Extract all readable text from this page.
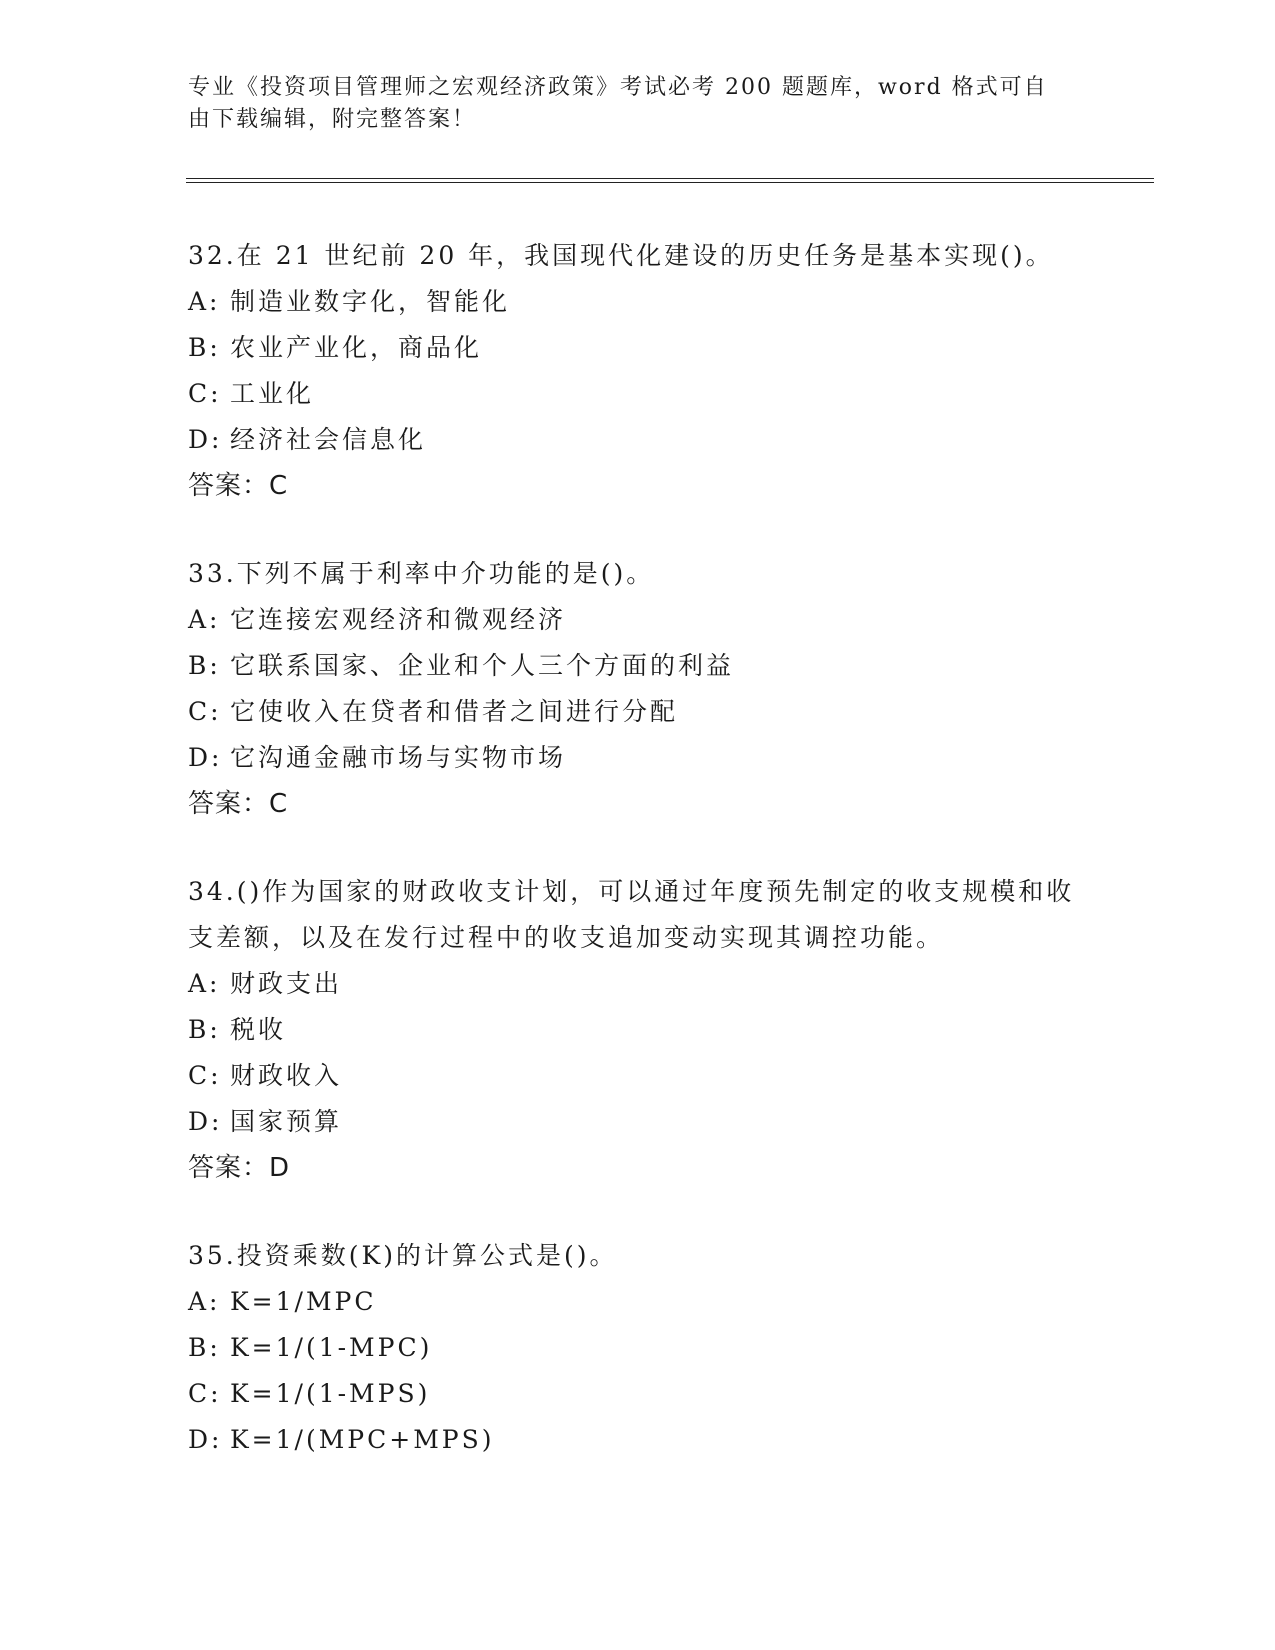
专业《投资项目管理师之宏观经济政策》考试必考 200 题题库，word 格式可自由下载编辑，附完整答案！
32.在 21 世纪前 20 年，我国现代化建设的历史任务是基本实现()。
A: 制造业数字化，智能化
B: 农业产业化，商品化
C: 工业化
D: 经济社会信息化
答案：C
33.下列不属于利率中介功能的是()。
A: 它连接宏观经济和微观经济
B: 它联系国家、企业和个人三个方面的利益
C: 它使收入在贷者和借者之间进行分配
D: 它沟通金融市场与实物市场
答案：C
34.()作为国家的财政收支计划，可以通过年度预先制定的收支规模和收支差额，以及在发行过程中的收支追加变动实现其调控功能。
A: 财政支出
B: 税收
C: 财政收入
D: 国家预算
答案：D
35.投资乘数(K)的计算公式是()。
A: K=1/MPC
B: K=1/(1-MPC)
C: K=1/(1-MPS)
D: K=1/(MPC+MPS)
